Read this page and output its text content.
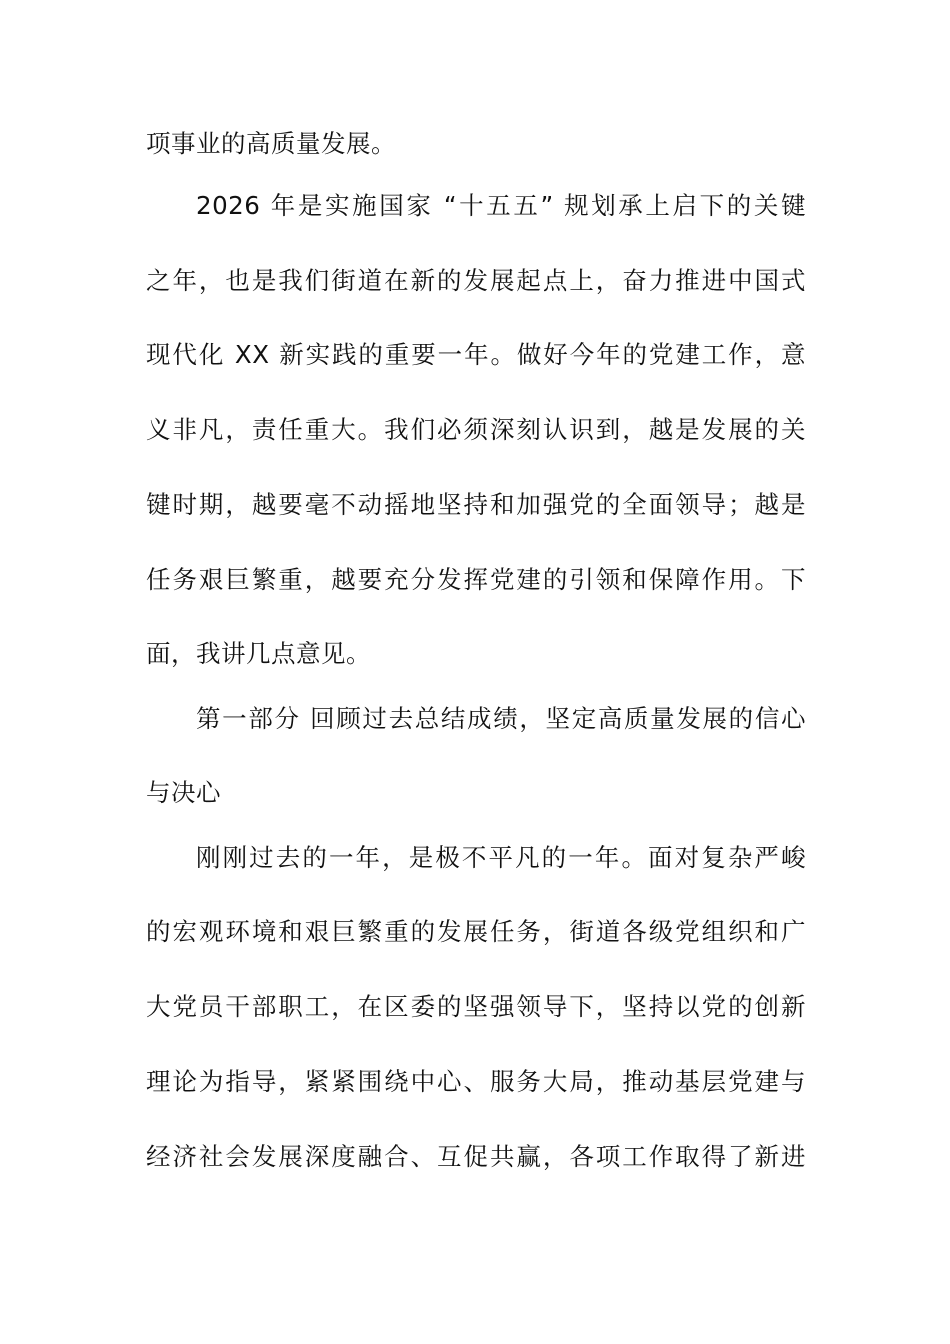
项事业的高质量发展。
2026 年是实施国家 “十五五” 规划承上启下的关键
之年，也是我们街道在新的发展起点上，奋力推进中国式
现代化 XX 新实践的重要一年。做好今年的党建工作，意
义非凡，责任重大。我们必须深刻认识到，越是发展的关
键时期，越要毫不动摇地坚持和加强党的全面领导；越是
任务艰巨繁重，越要充分发挥党建的引领和保障作用。下
面，我讲几点意见。
第一部分 回顾过去总结成绩，坚定高质量发展的信心
与决心
刚刚过去的一年，是极不平凡的一年。面对复杂严峻
的宏观环境和艰巨繁重的发展任务，街道各级党组织和广
大党员干部职工，在区委的坚强领导下，坚持以党的创新
理论为指导，紧紧围绕中心、服务大局，推动基层党建与
经济社会发展深度融合、互促共赢，各项工作取得了新进
